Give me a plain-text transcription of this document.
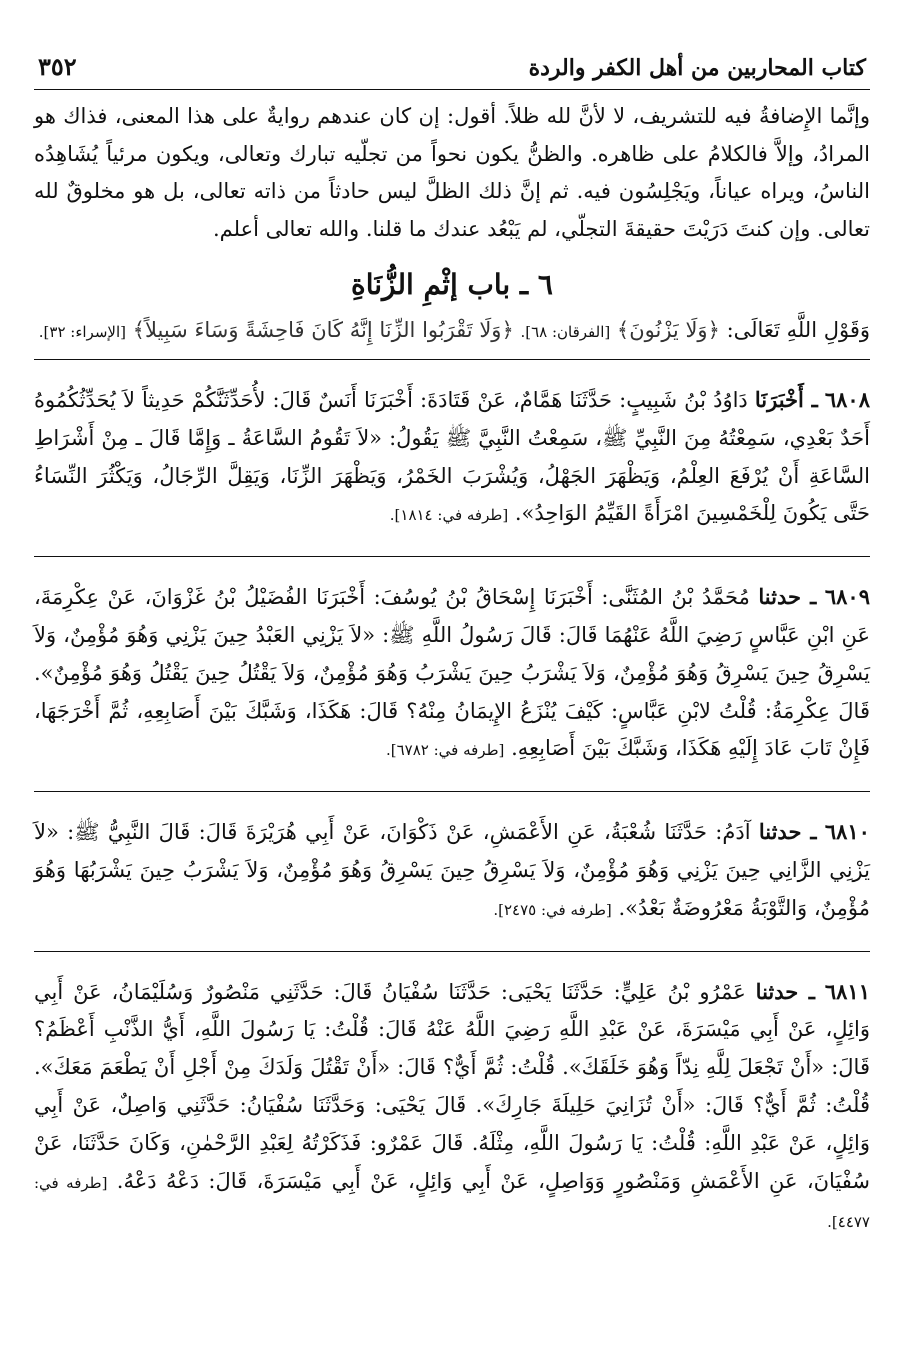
كتاب المحاربين من أهل الكفر والردة
٣٥٢

وإنَّما الإِضافةُ فيه للتشريف، لا لأنَّ لله ظلاً. أقول: إن كان عندهم روايةٌ على هذا المعنى، فذاك هو المرادُ، وإلاَّ فالكلامُ على ظاهره. والظنُّ يكون نحواً من تجلّيه تبارك وتعالى، ويكون مرئياً يُشَاهِدُه الناسُ، ويراه عياناً، ويَجْلِسُون فيه. ثم إنَّ ذلك الظلَّ ليس حادثاً من ذاته تعالى، بل هو مخلوقٌ لله تعالى. وإن كنتَ دَرَيْتَ حقيقةَ التجلّي، لم يَبْعُد عندك ما قلنا. والله تعالى أعلم.

٦ ـ باب إثْمِ الزُّنَاةِ

وَقَوْلِ اللَّهِ تَعَالَى: ﴿وَلَا يَزْنُونَ﴾ [الفرقان: ٦٨]. ﴿وَلَا تَقْرَبُوا الزِّنَا إِنَّهُ كَانَ فَاحِشَةً وَسَاءَ سَبِيلاً﴾ [الإسراء: ٣٢].

٦٨٠٨ ـ أَخْبَرَنَا دَاوُدُ بْنُ شَبِيبٍ: حَدَّثَنَا هَمَّامٌ، عَنْ قَتَادَةَ: أَخْبَرَنَا أَنَسٌ قَالَ: لأُحَدِّثَنَّكُمْ حَدِيثاً لاَ يُحَدِّثُكُمُوهُ أَحَدٌ بَعْدِي، سَمِعْتُهُ مِنَ النَّبِيِّ ﷺ، سَمِعْتُ النَّبِيَّ ﷺ يَقُولُ: «لاَ تَقُومُ السَّاعَةُ ـ وَإِمَّا قَالَ ـ مِنْ أَشْرَاطِ السَّاعَةِ أَنْ يُرْفَعَ العِلْمُ، وَيَظْهَرَ الجَهْلُ، وَيُشْرَبَ الخَمْرُ، وَيَظْهَرَ الزِّنَا، وَيَقِلَّ الرِّجَالُ، وَيَكْثُرَ النِّسَاءُ حَتَّى يَكُونَ لِلْخَمْسِينَ امْرَأَةً القَيِّمُ الوَاحِدُ». [طرفه في: ١٨١٤].

٦٨٠٩ ـ حدثنا مُحَمَّدُ بْنُ المُثَنَّى: أَخْبَرَنَا إِسْحَاقُ بْنُ يُوسُفَ: أَخْبَرَنَا الفُضَيْلُ بْنُ غَزْوَانَ، عَنْ عِكْرِمَةَ، عَنِ ابْنِ عَبَّاسٍ رَضِيَ اللَّهُ عَنْهُمَا قَالَ: قَالَ رَسُولُ اللَّهِ ﷺ: «لاَ يَزْنِي العَبْدُ حِينَ يَزْنِي وَهُوَ مُؤْمِنٌ، وَلاَ يَسْرِقُ حِينَ يَسْرِقُ وَهُوَ مُؤْمِنٌ، وَلاَ يَشْرَبُ حِينَ يَشْرَبُ وَهُوَ مُؤْمِنٌ، وَلاَ يَقْتُلُ حِينَ يَقْتُلُ وَهُوَ مُؤْمِنٌ». قَالَ عِكْرِمَةُ: قُلْتُ لابْنِ عَبَّاسٍ: كَيْفَ يُنْزَعُ الإِيمَانُ مِنْهُ؟ قَالَ: هَكَذَا، وَشَبَّكَ بَيْنَ أَصَابِعِهِ، ثُمَّ أَخْرَجَهَا، فَإِنْ تَابَ عَادَ إِلَيْهِ هَكَذَا، وَشَبَّكَ بَيْنَ أَصَابِعِهِ. [طرفه في: ٦٧٨٢].

٦٨١٠ ـ حدثنا آدَمُ: حَدَّثَنَا شُعْبَةُ، عَنِ الأَعْمَشِ، عَنْ ذَكْوَانَ، عَنْ أَبِي هُرَيْرَةَ قَالَ: قَالَ النَّبِيُّ ﷺ: «لاَ يَزْنِي الزَّانِي حِينَ يَزْنِي وَهُوَ مُؤْمِنٌ، وَلاَ يَسْرِقُ حِينَ يَسْرِقُ وَهُوَ مُؤْمِنٌ، وَلاَ يَشْرَبُ حِينَ يَشْرَبُهَا وَهُوَ مُؤْمِنٌ، وَالتَّوْبَةُ مَعْرُوضَةٌ بَعْدُ». [طرفه في: ٢٤٧٥].

٦٨١١ ـ حدثنا عَمْرُو بْنُ عَلِيٍّ: حَدَّثَنَا يَحْيَى: حَدَّثَنَا سُفْيَانُ قَالَ: حَدَّثَنِي مَنْصُورٌ وَسُلَيْمَانُ، عَنْ أَبِي وَائِلٍ، عَنْ أَبِي مَيْسَرَةَ، عَنْ عَبْدِ اللَّهِ رَضِيَ اللَّهُ عَنْهُ قَالَ: قُلْتُ: يَا رَسُولَ اللَّهِ، أَيُّ الذَّنْبِ أَعْظَمُ؟ قَالَ: «أَنْ تَجْعَلَ لِلَّهِ نِدّاً وَهُوَ خَلَقَكَ». قُلْتُ: ثُمَّ أَيٌّ؟ قَالَ: «أَنْ تَقْتُلَ وَلَدَكَ مِنْ أَجْلِ أَنْ يَطْعَمَ مَعَكَ». قُلْتُ: ثُمَّ أَيٌّ؟ قَالَ: «أَنْ تُزَانِيَ حَلِيلَةَ جَارِكَ». قَالَ يَحْيَى: وَحَدَّثَنَا سُفْيَانُ: حَدَّثَنِي وَاصِلٌ، عَنْ أَبِي وَائِلٍ، عَنْ عَبْدِ اللَّهِ: قُلْتُ: يَا رَسُولَ اللَّهِ، مِثْلَهُ. قَالَ عَمْرٌو: فَذَكَرْتُهُ لِعَبْدِ الرَّحْمٰنِ، وَكَانَ حَدَّثَنَا، عَنْ سُفْيَانَ، عَنِ الأَعْمَشِ وَمَنْصُورٍ وَوَاصِلٍ، عَنْ أَبِي وَائِلٍ، عَنْ أَبِي مَيْسَرَةَ، قَالَ: دَعْهُ دَعْهُ. [طرفه في: ٤٤٧٧].
